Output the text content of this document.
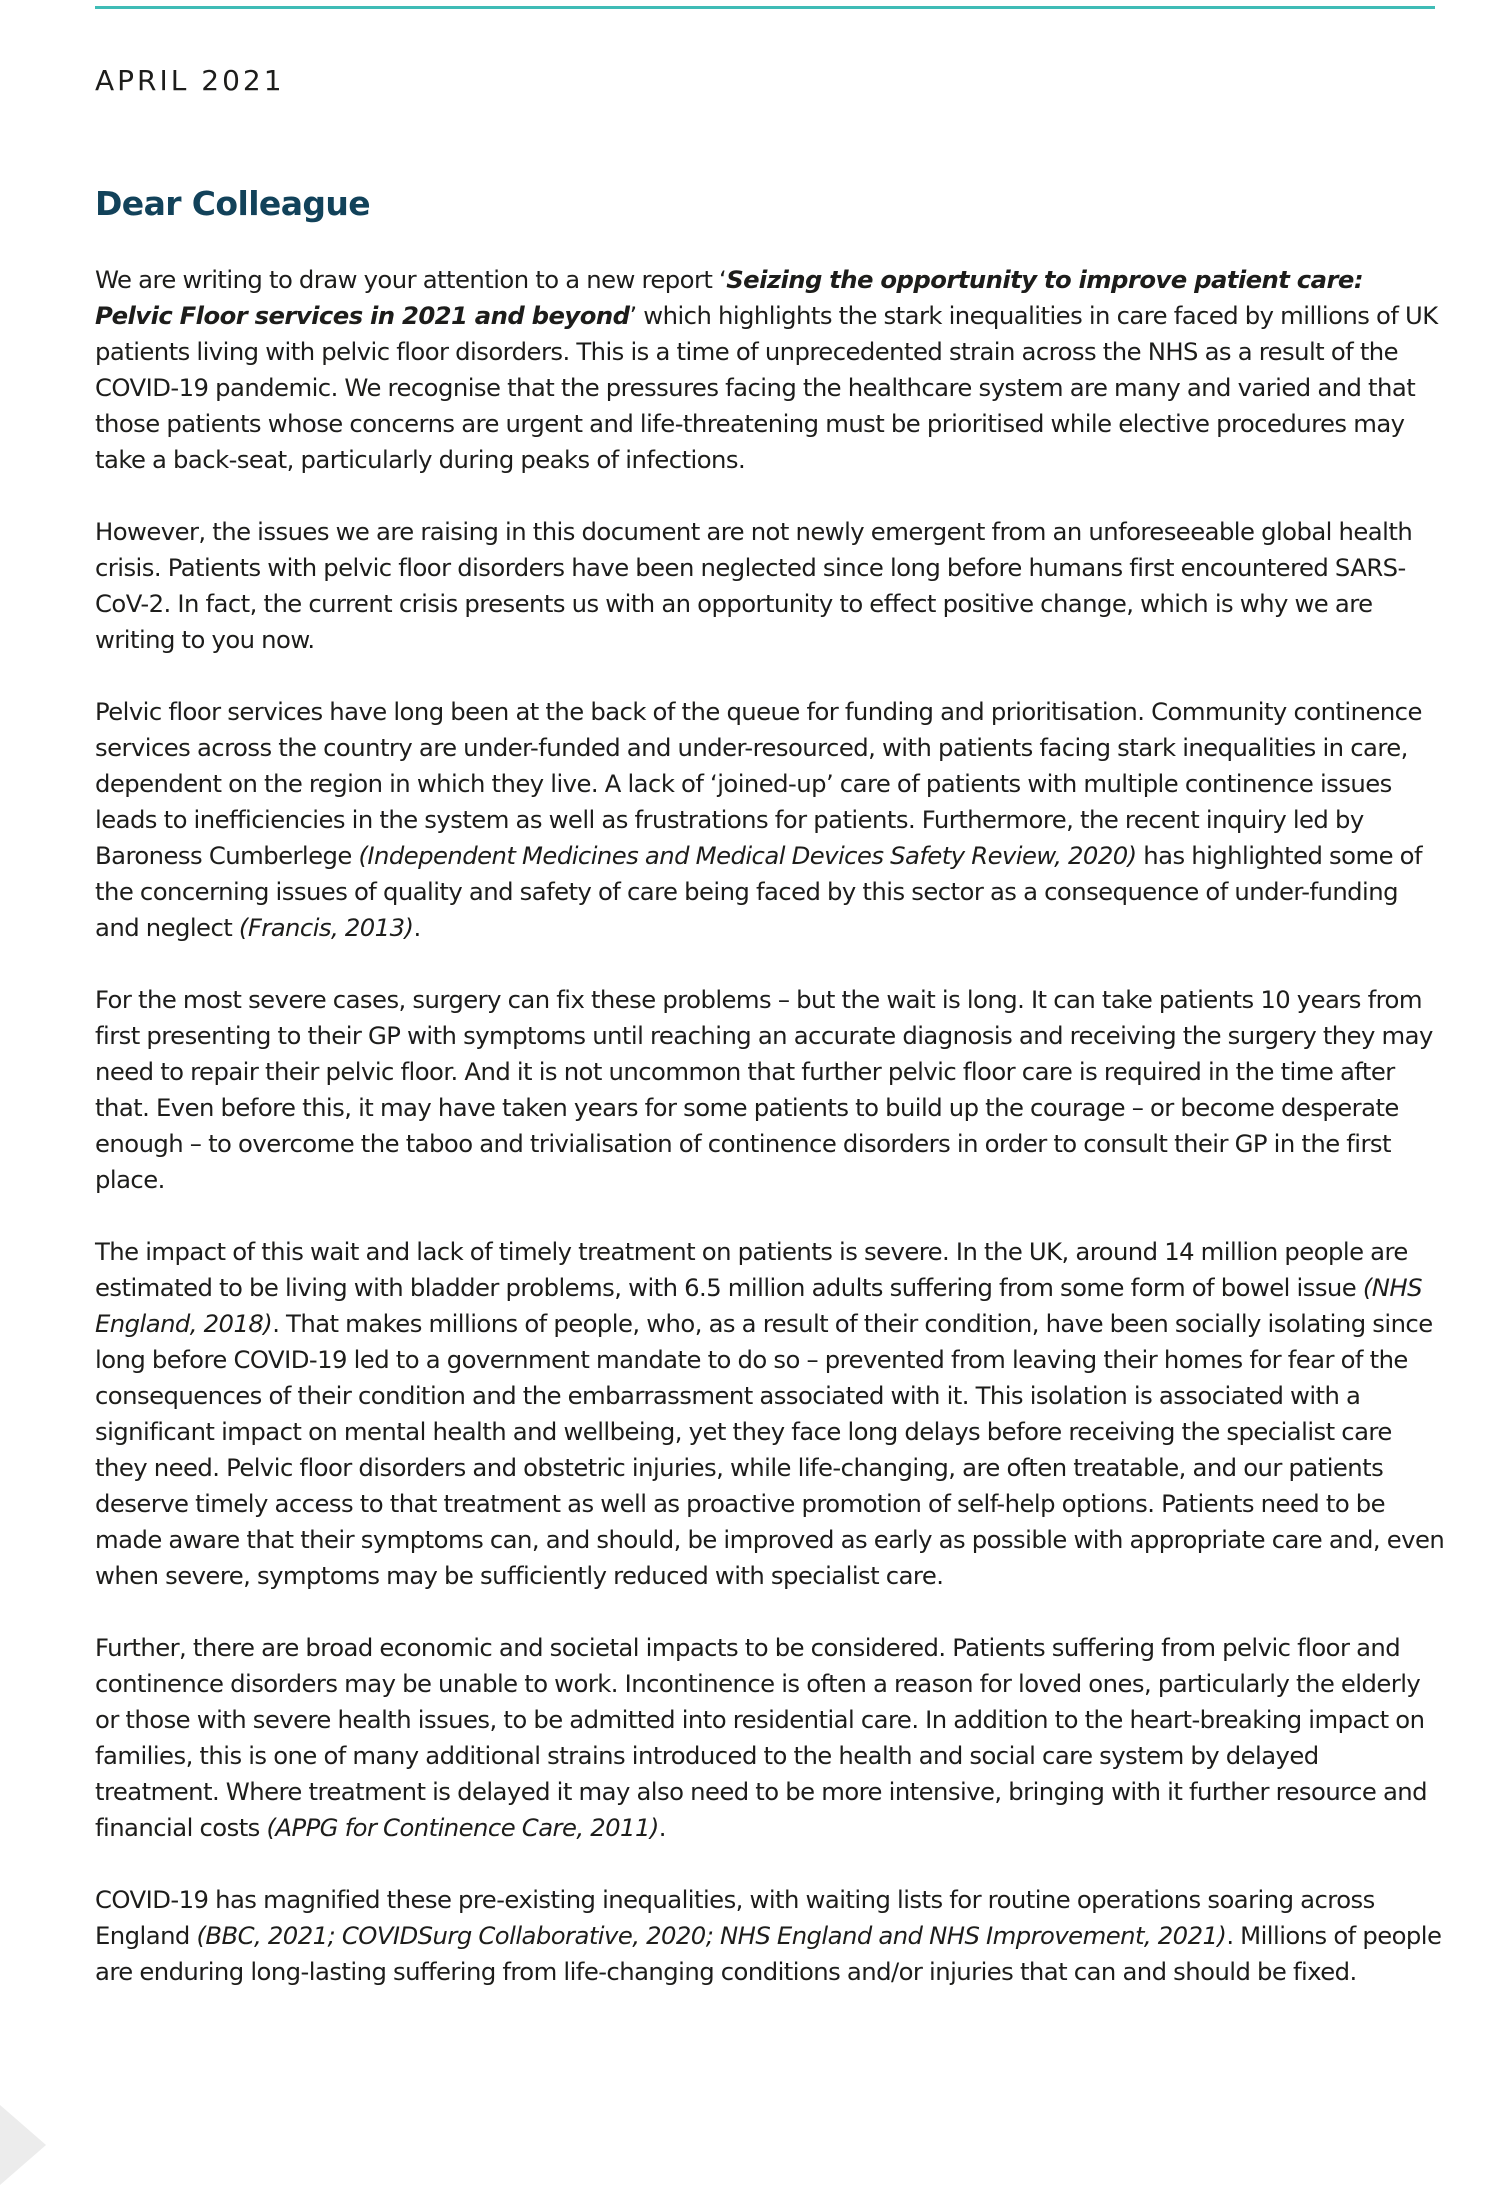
APRIL 2021

Dear Colleague

We are writing to draw your attention to a new report ‘Seizing the opportunity to improve patient care: Pelvic Floor services in 2021 and beyond’ which highlights the stark inequalities in care faced by millions of UK patients living with pelvic floor disorders. This is a time of unprecedented strain across the NHS as a result of the COVID-19 pandemic. We recognise that the pressures facing the healthcare system are many and varied and that those patients whose concerns are urgent and life-threatening must be prioritised while elective procedures may take a back-seat, particularly during peaks of infections.

However, the issues we are raising in this document are not newly emergent from an unforeseeable global health crisis. Patients with pelvic floor disorders have been neglected since long before humans first encountered SARS-CoV-2. In fact, the current crisis presents us with an opportunity to effect positive change, which is why we are writing to you now.

Pelvic floor services have long been at the back of the queue for funding and prioritisation. Community continence services across the country are under-funded and under-resourced, with patients facing stark inequalities in care, dependent on the region in which they live. A lack of ‘joined-up’ care of patients with multiple continence issues leads to inefficiencies in the system as well as frustrations for patients. Furthermore, the recent inquiry led by Baroness Cumberlege (Independent Medicines and Medical Devices Safety Review, 2020) has highlighted some of the concerning issues of quality and safety of care being faced by this sector as a consequence of under-funding and neglect (Francis, 2013).

For the most severe cases, surgery can fix these problems – but the wait is long. It can take patients 10 years from first presenting to their GP with symptoms until reaching an accurate diagnosis and receiving the surgery they may need to repair their pelvic floor. And it is not uncommon that further pelvic floor care is required in the time after that. Even before this, it may have taken years for some patients to build up the courage – or become desperate enough – to overcome the taboo and trivialisation of continence disorders in order to consult their GP in the first place.

The impact of this wait and lack of timely treatment on patients is severe. In the UK, around 14 million people are estimated to be living with bladder problems, with 6.5 million adults suffering from some form of bowel issue (NHS England, 2018). That makes millions of people, who, as a result of their condition, have been socially isolating since long before COVID-19 led to a government mandate to do so – prevented from leaving their homes for fear of the consequences of their condition and the embarrassment associated with it. This isolation is associated with a significant impact on mental health and wellbeing, yet they face long delays before receiving the specialist care they need. Pelvic floor disorders and obstetric injuries, while life-changing, are often treatable, and our patients deserve timely access to that treatment as well as proactive promotion of self-help options. Patients need to be made aware that their symptoms can, and should, be improved as early as possible with appropriate care and, even when severe, symptoms may be sufficiently reduced with specialist care.

Further, there are broad economic and societal impacts to be considered. Patients suffering from pelvic floor and continence disorders may be unable to work. Incontinence is often a reason for loved ones, particularly the elderly or those with severe health issues, to be admitted into residential care. In addition to the heart-breaking impact on families, this is one of many additional strains introduced to the health and social care system by delayed treatment. Where treatment is delayed it may also need to be more intensive, bringing with it further resource and financial costs (APPG for Continence Care, 2011).

COVID-19 has magnified these pre-existing inequalities, with waiting lists for routine operations soaring across England (BBC, 2021; COVIDSurg Collaborative, 2020; NHS England and NHS Improvement, 2021). Millions of people are enduring long-lasting suffering from life-changing conditions and/or injuries that can and should be fixed.
